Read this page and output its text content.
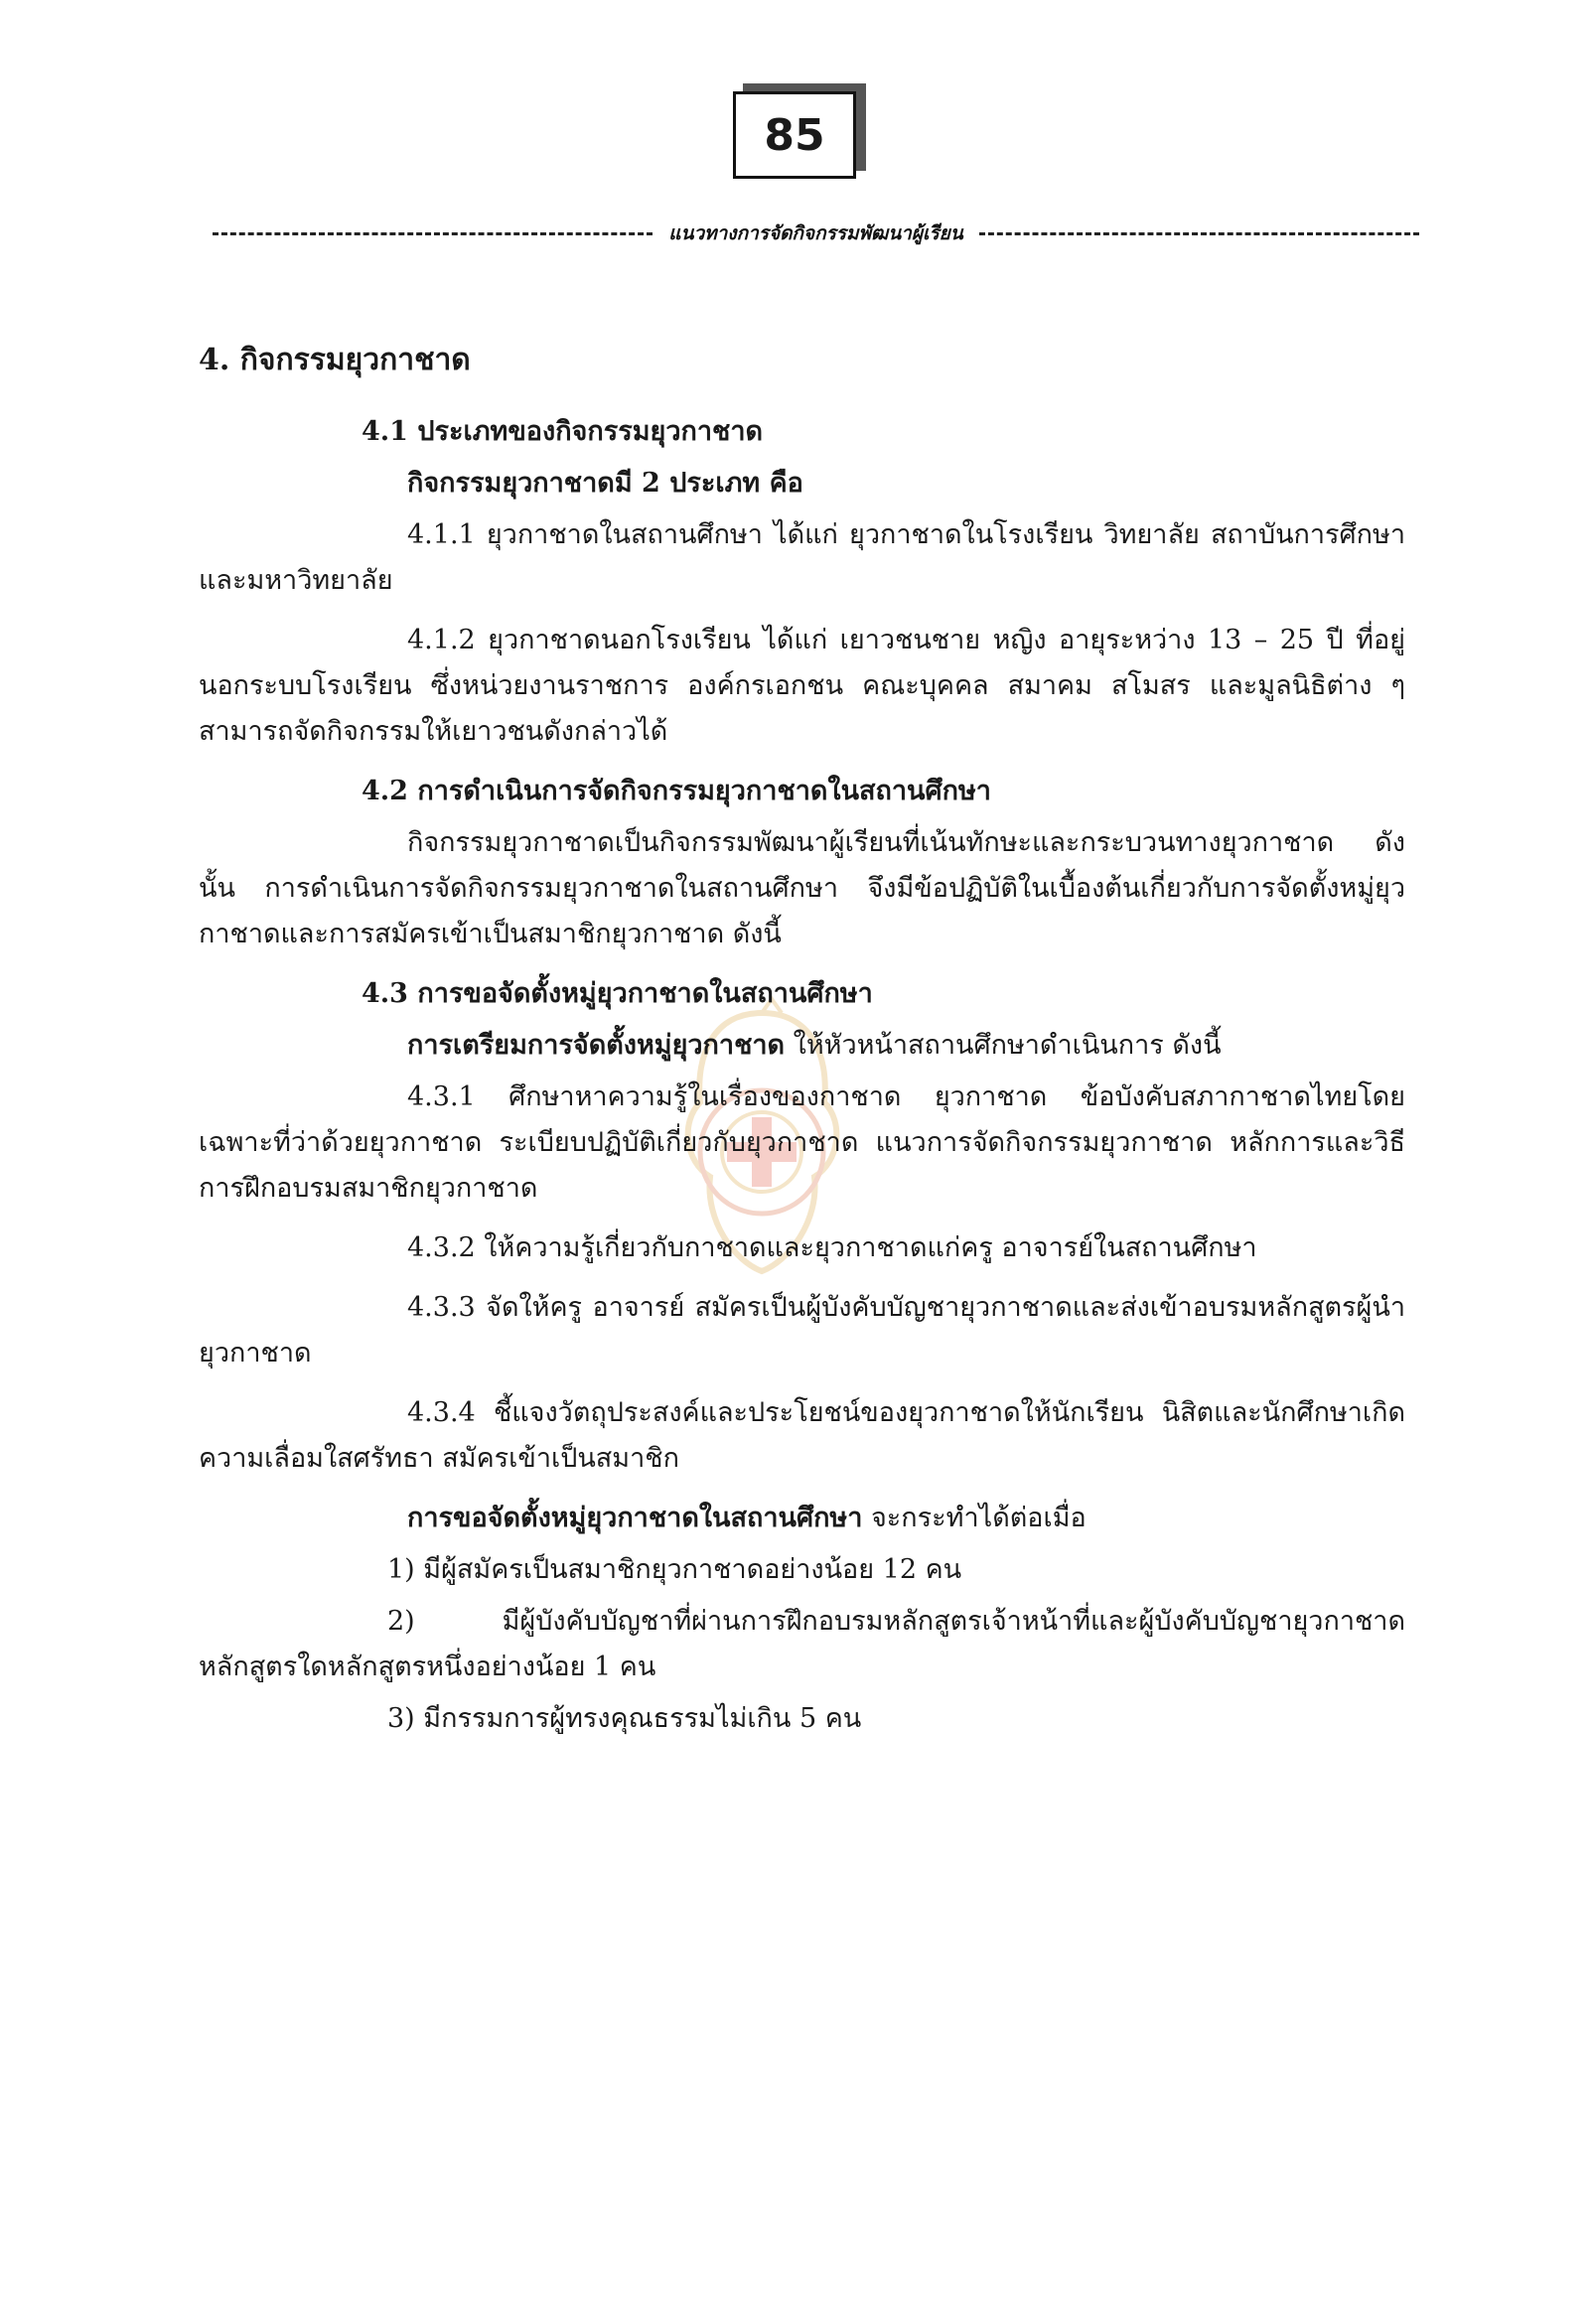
85
แนวทางการจัดกิจกรรมพัฒนาผู้เรียน

4. กิจกรรมยุวกาชาด

4.1 ประเภทของกิจกรรมยุวกาชาด

กิจกรรมยุวกาชาดมี 2 ประเภท คือ

4.1.1 ยุวกาชาดในสถานศึกษา ได้แก่ ยุวกาชาดในโรงเรียน วิทยาลัย สถาบันการศึกษา และมหาวิทยาลัย

4.1.2 ยุวกาชาดนอกโรงเรียน ได้แก่ เยาวชนชาย หญิง อายุระหว่าง 13 – 25 ปี ที่อยู่นอกระบบโรงเรียน ซึ่งหน่วยงานราชการ องค์กรเอกชน คณะบุคคล สมาคม สโมสร และมูลนิธิต่าง ๆ สามารถจัดกิจกรรมให้เยาวชนดังกล่าวได้

4.2 การดำเนินการจัดกิจกรรมยุวกาชาดในสถานศึกษา

กิจกรรมยุวกาชาดเป็นกิจกรรมพัฒนาผู้เรียนที่เน้นทักษะและกระบวนทางยุวกาชาด ดังนั้น การดำเนินการจัดกิจกรรมยุวกาชาดในสถานศึกษา จึงมีข้อปฏิบัติในเบื้องต้นเกี่ยวกับการจัดตั้งหมู่ยุวกาชาดและการสมัครเข้าเป็นสมาชิกยุวกาชาด ดังนี้

4.3 การขอจัดตั้งหมู่ยุวกาชาดในสถานศึกษา

การเตรียมการจัดตั้งหมู่ยุวกาชาด ให้หัวหน้าสถานศึกษาดำเนินการ ดังนี้

4.3.1 ศึกษาหาความรู้ในเรื่องของกาชาด ยุวกาชาด ข้อบังคับสภากาชาดไทยโดยเฉพาะที่ว่าด้วยยุวกาชาด ระเบียบปฏิบัติเกี่ยวกับยุวกาชาด แนวการจัดกิจกรรมยุวกาชาด หลักการและวิธีการฝึกอบรมสมาชิกยุวกาชาด

4.3.2 ให้ความรู้เกี่ยวกับกาชาดและยุวกาชาดแก่ครู อาจารย์ในสถานศึกษา

4.3.3 จัดให้ครู อาจารย์ สมัครเป็นผู้บังคับบัญชายุวกาชาดและส่งเข้าอบรมหลักสูตรผู้นำยุวกาชาด

4.3.4 ชี้แจงวัตถุประสงค์และประโยชน์ของยุวกาชาดให้นักเรียน นิสิตและนักศึกษาเกิดความเลื่อมใสศรัทธา สมัครเข้าเป็นสมาชิก

การขอจัดตั้งหมู่ยุวกาชาดในสถานศึกษา จะกระทำได้ต่อเมื่อ

1) มีผู้สมัครเป็นสมาชิกยุวกาชาดอย่างน้อย 12 คน

2) มีผู้บังคับบัญชาที่ผ่านการฝึกอบรมหลักสูตรเจ้าหน้าที่และผู้บังคับบัญชายุวกาชาดหลักสูตรใดหลักสูตรหนึ่งอย่างน้อย 1 คน

3) มีกรรมการผู้ทรงคุณธรรมไม่เกิน 5 คน
